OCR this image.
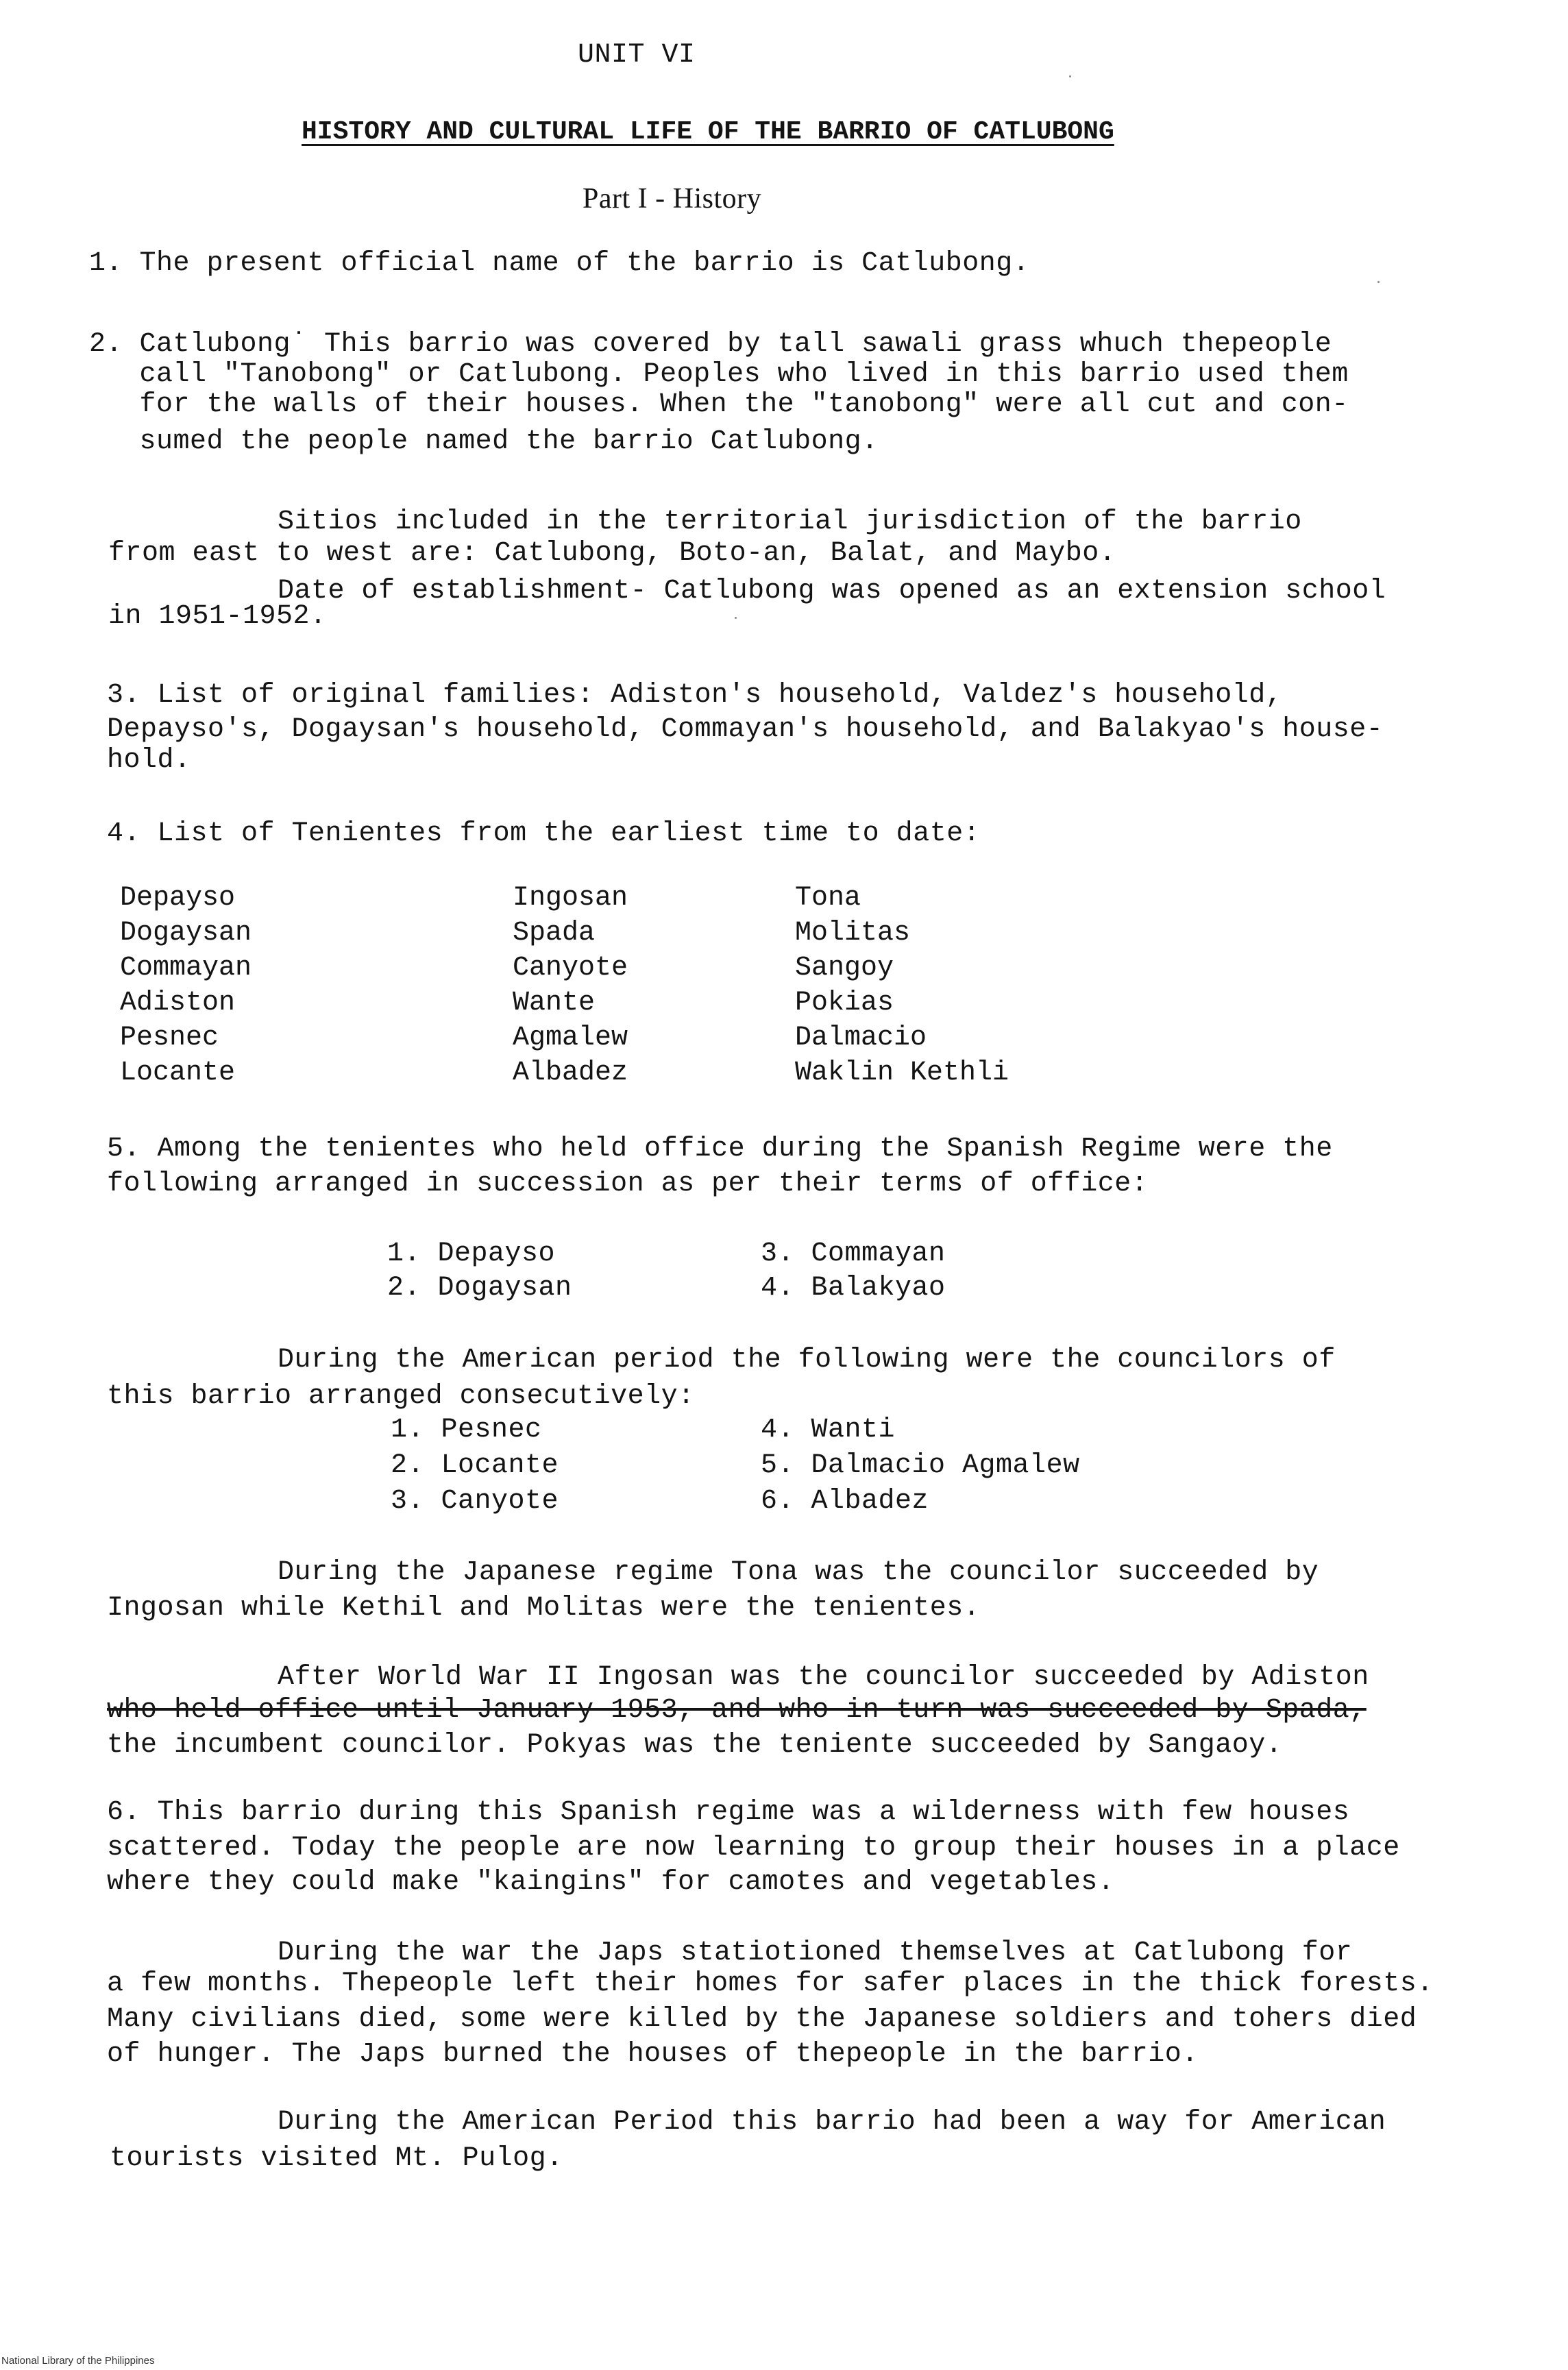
UNIT VI
HISTORY AND CULTURAL LIFE OF THE BARRIO OF CATLUBONG
Part I - History
1. The present official name of the barrio is Catlubong.
2. Catlubong˙ This barrio was covered by tall sawali grass whuch thepeople
call "Tanobong" or Catlubong. Peoples who lived in this barrio used them
for the walls of their houses. When the "tanobong" were all cut and con-
sumed the people named the barrio Catlubong.
Sitios included in the territorial jurisdiction of the barrio
from east to west are: Catlubong, Boto-an, Balat, and Maybo.
Date of establishment- Catlubong was opened as an extension school
in 1951-1952.
3. List of original families: Adiston's household, Valdez's household,
Depayso's, Dogaysan's household, Commayan's household, and Balakyao's house-
hold.
4. List of Tenientes from the earliest time to date:
Depayso
Dogaysan
Commayan
Adiston
Pesnec
Locante
Ingosan
Spada
Canyote
Wante
Agmalew
Albadez
Tona
Molitas
Sangoy
Pokias
Dalmacio
Waklin Kethli
5. Among the tenientes who held office during the Spanish Regime were the
following arranged in succession as per their terms of office:
1. Depayso
2. Dogaysan
3. Commayan
4. Balakyao
During the American period the following were the councilors of
this barrio arranged consecutively:
1. Pesnec
2. Locante
3. Canyote
4. Wanti
5. Dalmacio Agmalew
6. Albadez
During the Japanese regime Tona was the councilor succeeded by
Ingosan while Kethil and Molitas were the tenientes.
After World War II Ingosan was the councilor succeeded by Adiston
who held office until January 1953, and who in turn was succeeded by Spada,
the incumbent councilor. Pokyas was the teniente succeeded by Sangaoy.
6. This barrio during this Spanish regime was a wilderness with few houses
scattered. Today the people are now learning to group their houses in a place
where they could make "kaingins" for camotes and vegetables.
During the war the Japs statiotioned themselves at Catlubong for
a few months. Thepeople left their homes for safer places in the thick forests.
Many civilians died, some were killed by the Japanese soldiers and tohers died
of hunger. The Japs burned the houses of thepeople in the barrio.
During the American Period this barrio had been a way for American
tourists visited Mt. Pulog.
National Library of the Philippines
